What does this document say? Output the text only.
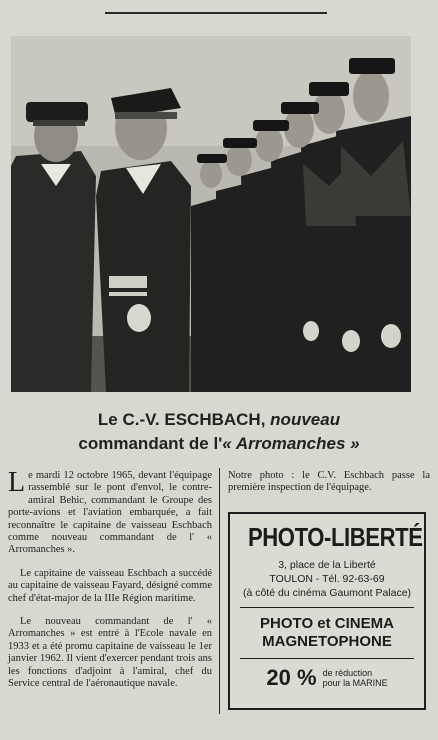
Le C.-V. ESCHBACH, nouveau
commandant de l'« Arromanches »

Le mardi 12 octobre 1965, devant l'équipage rassemblé sur le pont d'envol, le contre-amiral Behic, commandant le Groupe des porte-avions et l'aviation embarquée, a fait reconnaître le capitaine de vaisseau Eschbach comme nouveau commandant de l' « Arromanches ».

Le capitaine de vaisseau Eschbach a succédé au capitaine de vaisseau Fayard, désigné comme chef d'état-major de la IIIe Région maritime.

Le nouveau commandant de l' « Arromanches » est entré à l'Ecole navale en 1933 et a été promu capitaine de vaisseau le 1er janvier 1962. Il vient d'exercer pendant trois ans les fonctions d'adjoint à l'amiral, chef du Service central de l'aéronautique navale.

Notre photo : le C.V. Eschbach passe la première inspection de l'équipage.
PHOTO-LIBERTÉ
3, place de la Liberté
TOULON - Tél. 92-63-69
(à côté du cinéma Gaumont Palace)
PHOTO et CINEMA
MAGNETOPHONE
20 % de réduction
pour la MARINE
